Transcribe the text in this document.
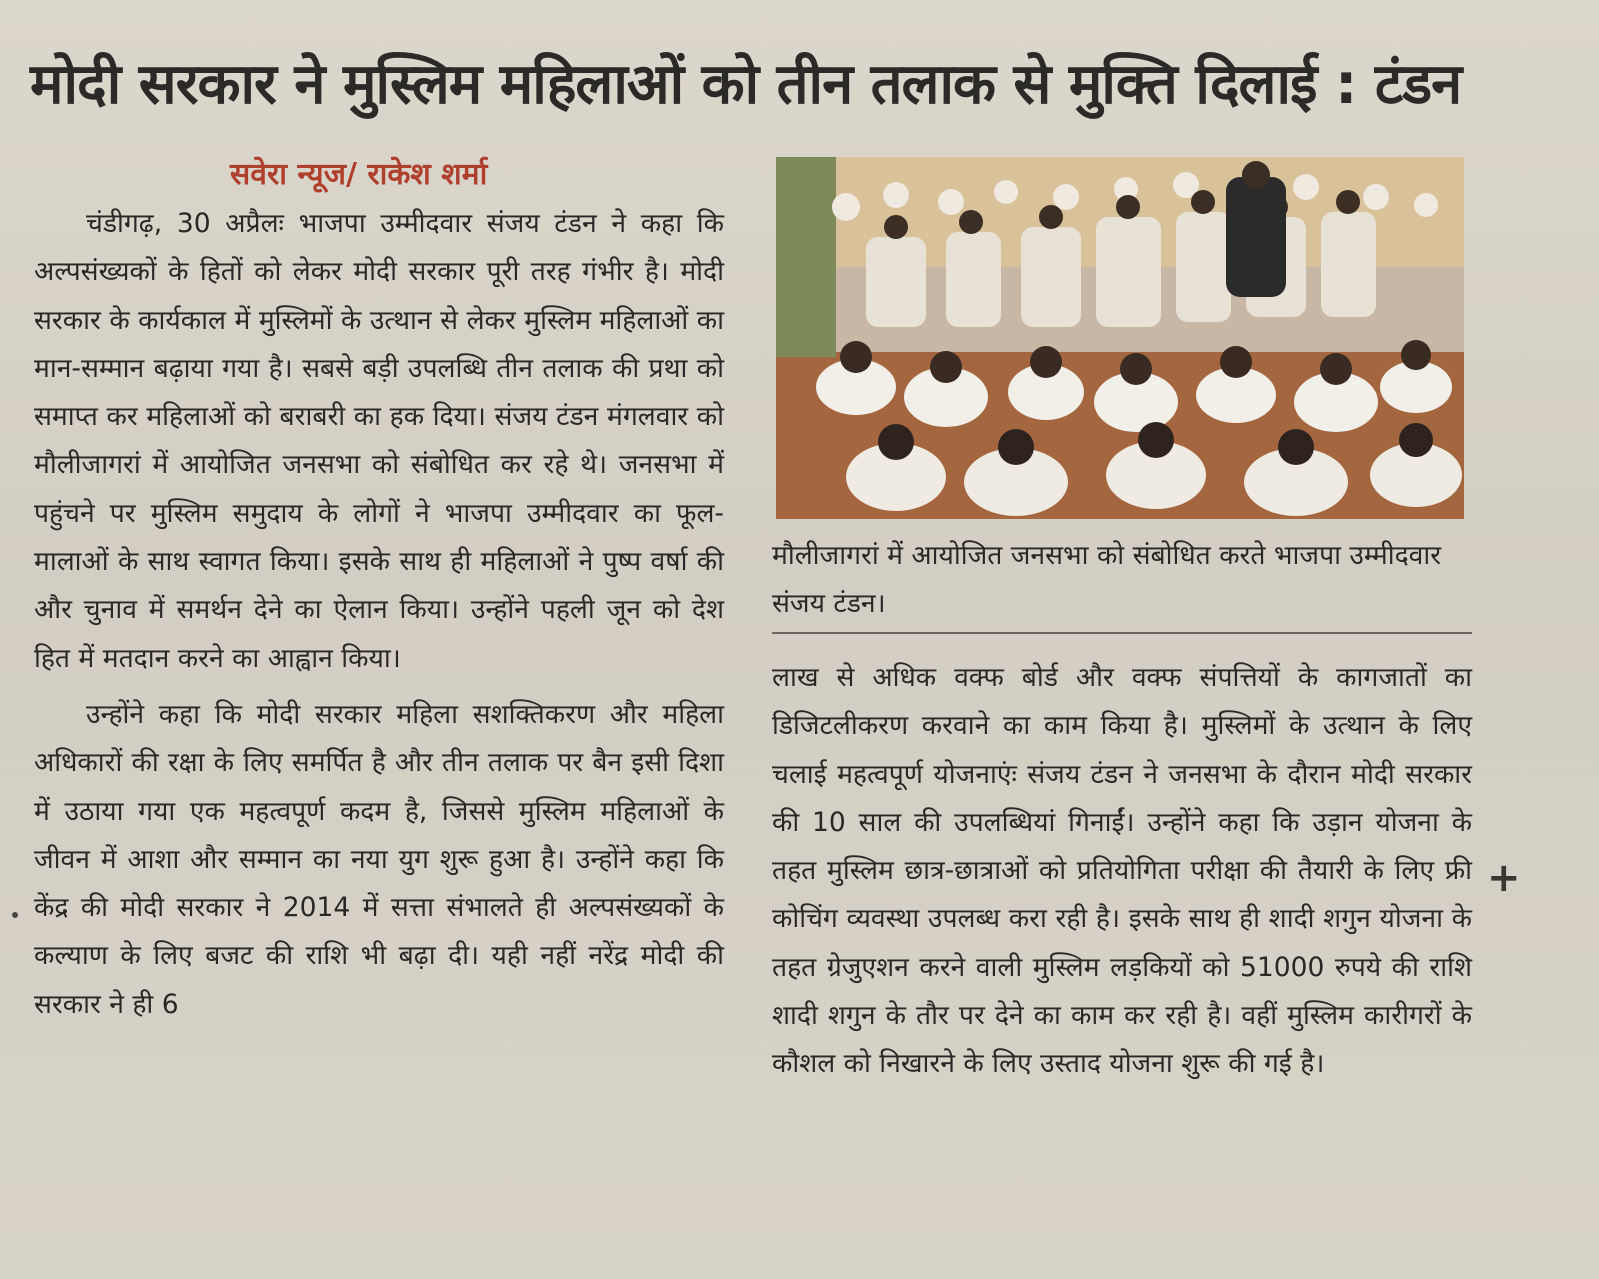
मोदी सरकार ने मुस्लिम महिलाओं को तीन तलाक से मुक्ति दिलाई : टंडन
सवेरा न्यूज/ राकेश शर्मा

चंडीगढ़, 30 अप्रैलः भाजपा उम्मीदवार संजय टंडन ने कहा कि अल्पसंख्यकों के हितों को लेकर मोदी सरकार पूरी तरह गंभीर है। मोदी सरकार के कार्यकाल में मुस्लिमों के उत्थान से लेकर मुस्लिम महिलाओं का मान-सम्मान बढ़ाया गया है। सबसे बड़ी उपलब्धि तीन तलाक की प्रथा को समाप्त कर महिलाओं को बराबरी का हक दिया। संजय टंडन मंगलवार को मौलीजागरां में आयोजित जनसभा को संबोधित कर रहे थे। जनसभा में पहुंचने पर मुस्लिम समुदाय के लोगों ने भाजपा उम्मीदवार का फूल-मालाओं के साथ स्वागत किया। इसके साथ ही महिलाओं ने पुष्प वर्षा की और चुनाव में समर्थन देने का ऐलान किया। उन्होंने पहली जून को देश हित में मतदान करने का आह्वान किया।

उन्होंने कहा कि मोदी सरकार महिला सशक्तिकरण और महिला अधिकारों की रक्षा के लिए समर्पित है और तीन तलाक पर बैन इसी दिशा में उठाया गया एक महत्वपूर्ण कदम है, जिससे मुस्लिम महिलाओं के जीवन में आशा और सम्मान का नया युग शुरू हुआ है। उन्होंने कहा कि केंद्र की मोदी सरकार ने 2014 में सत्ता संभालते ही अल्पसंख्यकों के कल्याण के लिए बजट की राशि भी बढ़ा दी। यही नहीं नरेंद्र मोदी की सरकार ने ही 6

मौलीजागरां में आयोजित जनसभा को संबोधित करते भाजपा उम्मीदवार संजय टंडन।

लाख से अधिक वक्फ बोर्ड और वक्फ संपत्तियों के कागजातों का डिजिटलीकरण करवाने का काम किया है। मुस्लिमों के उत्थान के लिए चलाई महत्वपूर्ण योजनाएंः संजय टंडन ने जनसभा के दौरान मोदी सरकार की 10 साल की उपलब्धियां गिनाईं। उन्होंने कहा कि उड़ान योजना के तहत मुस्लिम छात्र-छात्राओं को प्रतियोगिता परीक्षा की तैयारी के लिए फ्री कोचिंग व्यवस्था उपलब्ध करा रही है। इसके साथ ही शादी शगुन योजना के तहत ग्रेजुएशन करने वाली मुस्लिम लड़कियों को 51000 रुपये की राशि शादी शगुन के तौर पर देने का काम कर रही है। वहीं मुस्लिम कारीगरों के कौशल को निखारने के लिए उस्ताद योजना शुरू की गई है।

+
